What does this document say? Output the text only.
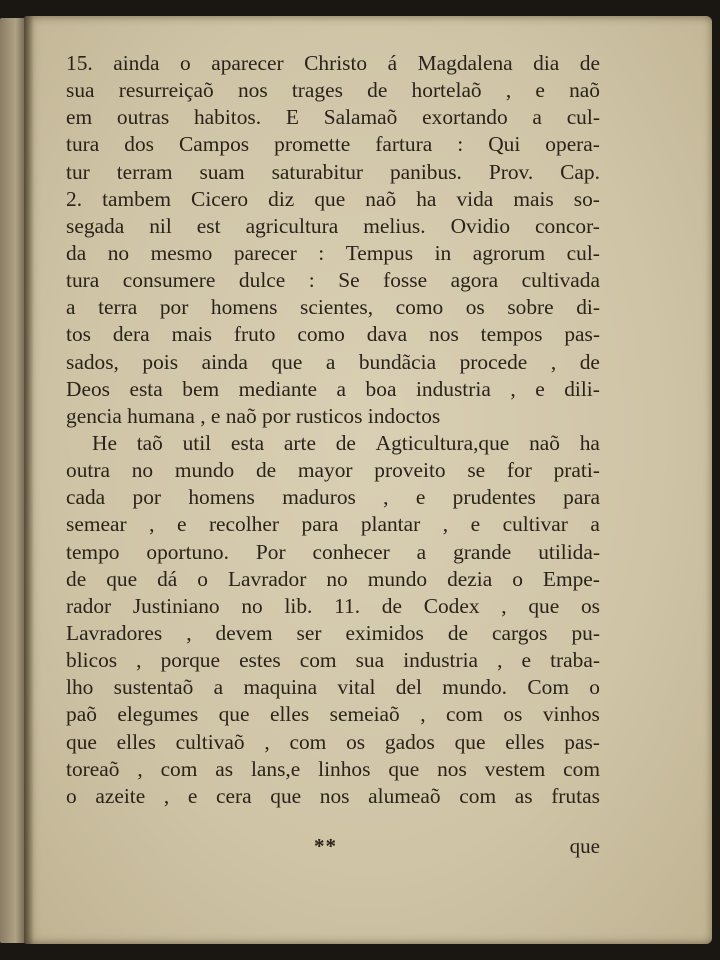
15. ainda o aparecer Christo á Magdalena dia de
sua resurreiçaõ nos trages de hortelaõ , e naõ
em outras habitos. E Salamaõ exortando a cul-
tura dos Campos promette fartura : Qui opera-
tur terram suam saturabitur panibus. Prov. Cap.
2. tambem Cicero diz que naõ ha vida mais so-
segada nil est agricultura melius. Ovidio concor-
da no mesmo parecer : Tempus in agrorum cul-
tura consumere dulce : Se fosse agora cultivada
a terra por homens scientes, como os sobre di-
tos dera mais fruto como dava nos tempos pas-
sados, pois ainda que a bundãcia procede , de
Deos esta bem mediante a boa industria , e dili-
gencia humana , e naõ por rusticos indoctos
He taõ util esta arte de Agticultura,que naõ ha
outra no mundo de mayor proveito se for prati-
cada por homens maduros , e prudentes para
semear , e recolher para plantar , e cultivar a
tempo oportuno. Por conhecer a grande utilida-
de que dá o Lavrador no mundo dezia o Empe-
rador Justiniano no lib. 11. de Codex , que os
Lavradores , devem ser eximidos de cargos pu-
blicos , porque estes com sua industria , e traba-
lho sustentaõ a maquina vital del mundo. Com o
paõ elegumes que elles semeiaõ , com os vinhos
que elles cultivaõ , com os gados que elles pas-
toreaõ , com as lans,e linhos que nos vestem com
o azeite , e cera que nos alumeaõ com as frutas
**	que
